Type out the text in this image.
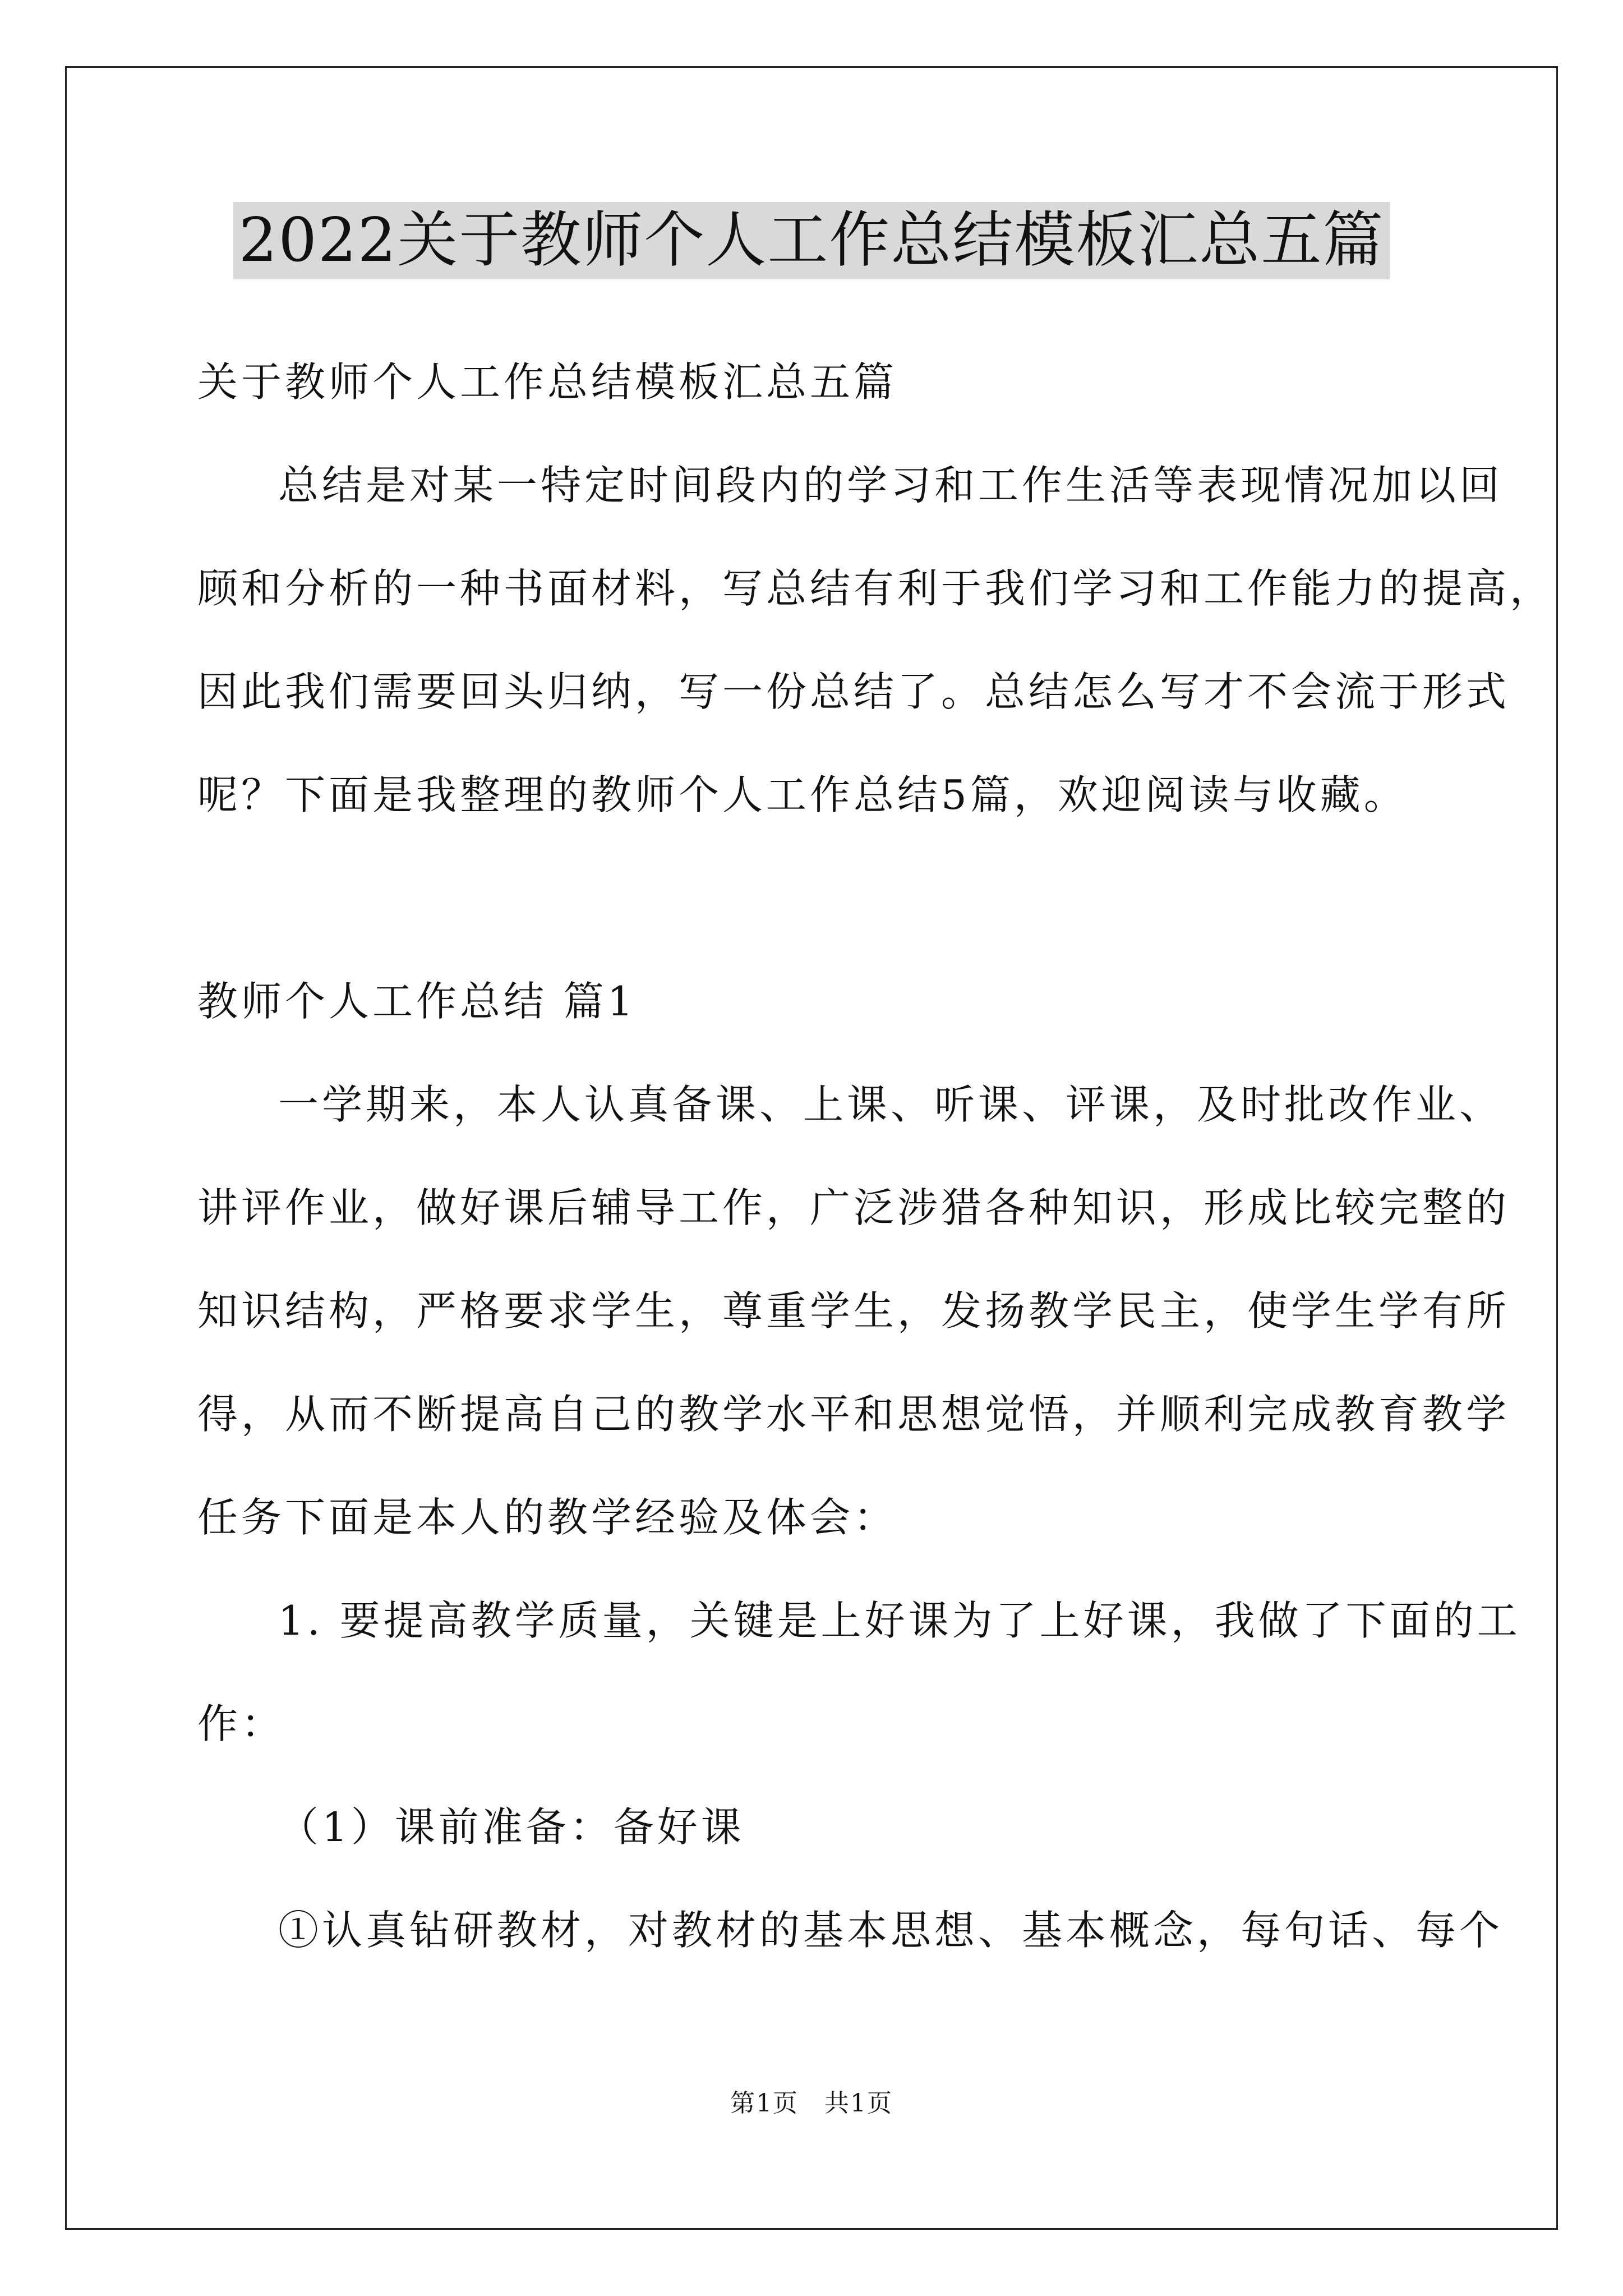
2022关于教师个人工作总结模板汇总五篇
关于教师个人工作总结模板汇总五篇
总结是对某一特定时间段内的学习和工作生活等表现情况加以回
顾和分析的一种书面材料，写总结有利于我们学习和工作能力的提高，
因此我们需要回头归纳，写一份总结了。总结怎么写才不会流于形式
呢？下面是我整理的教师个人工作总结5篇，欢迎阅读与收藏。
教师个人工作总结 篇1
一学期来，本人认真备课、上课、听课、评课，及时批改作业、
讲评作业，做好课后辅导工作，广泛涉猎各种知识，形成比较完整的
知识结构，严格要求学生，尊重学生，发扬教学民主，使学生学有所
得，从而不断提高自己的教学水平和思想觉悟，并顺利完成教育教学
任务下面是本人的教学经验及体会：
1. 要提高教学质量，关键是上好课为了上好课，我做了下面的工
作：
（1）课前准备：备好课
①认真钻研教材，对教材的基本思想、基本概念，每句话、每个
第1页　共1页
